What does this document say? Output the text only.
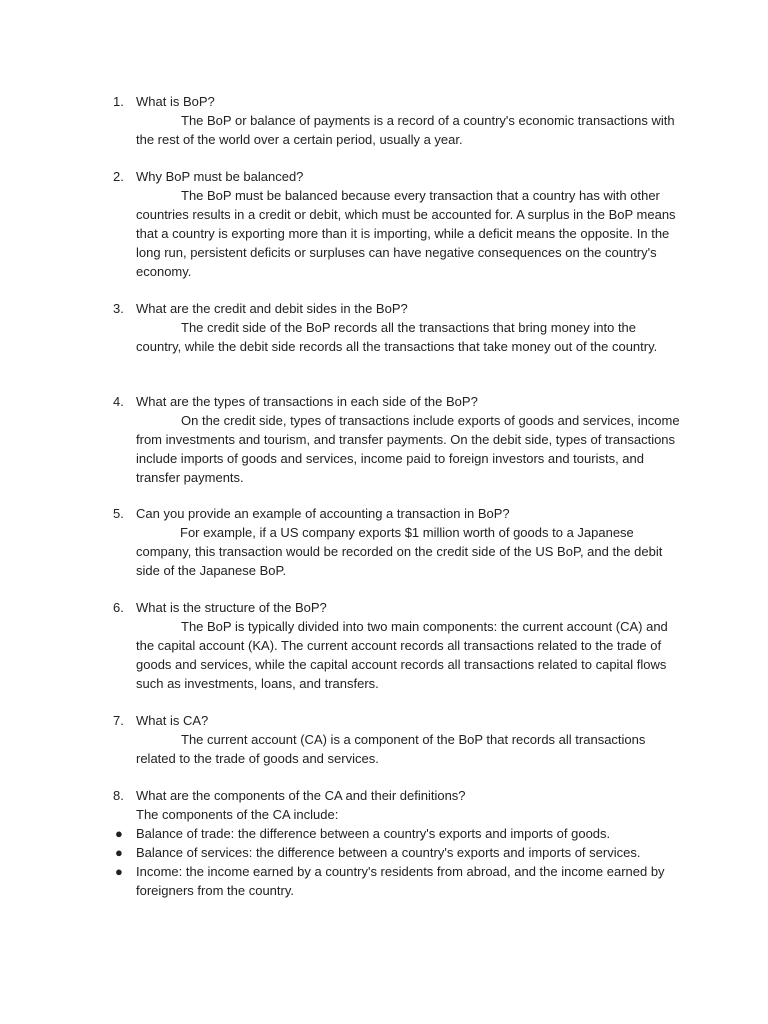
1. What is BoP?
The BoP or balance of payments is a record of a country's economic transactions with the rest of the world over a certain period, usually a year.
2. Why BoP must be balanced?
The BoP must be balanced because every transaction that a country has with other countries results in a credit or debit, which must be accounted for. A surplus in the BoP means that a country is exporting more than it is importing, while a deficit means the opposite. In the long run, persistent deficits or surpluses can have negative consequences on the country's economy.
3. What are the credit and debit sides in the BoP?
The credit side of the BoP records all the transactions that bring money into the country, while the debit side records all the transactions that take money out of the country.
4. What are the types of transactions in each side of the BoP?
On the credit side, types of transactions include exports of goods and services, income from investments and tourism, and transfer payments. On the debit side, types of transactions include imports of goods and services, income paid to foreign investors and tourists, and transfer payments.
5. Can you provide an example of accounting a transaction in BoP?
For example, if a US company exports $1 million worth of goods to a Japanese company, this transaction would be recorded on the credit side of the US BoP, and the debit side of the Japanese BoP.
6. What is the structure of the BoP?
The BoP is typically divided into two main components: the current account (CA) and the capital account (KA). The current account records all transactions related to the trade of goods and services, while the capital account records all transactions related to capital flows such as investments, loans, and transfers.
7. What is CA?
The current account (CA) is a component of the BoP that records all transactions related to the trade of goods and services.
8. What are the components of the CA and their definitions?
The components of the CA include:
● Balance of trade: the difference between a country's exports and imports of goods.
● Balance of services: the difference between a country's exports and imports of services.
● Income: the income earned by a country's residents from abroad, and the income earned by foreigners from the country.
